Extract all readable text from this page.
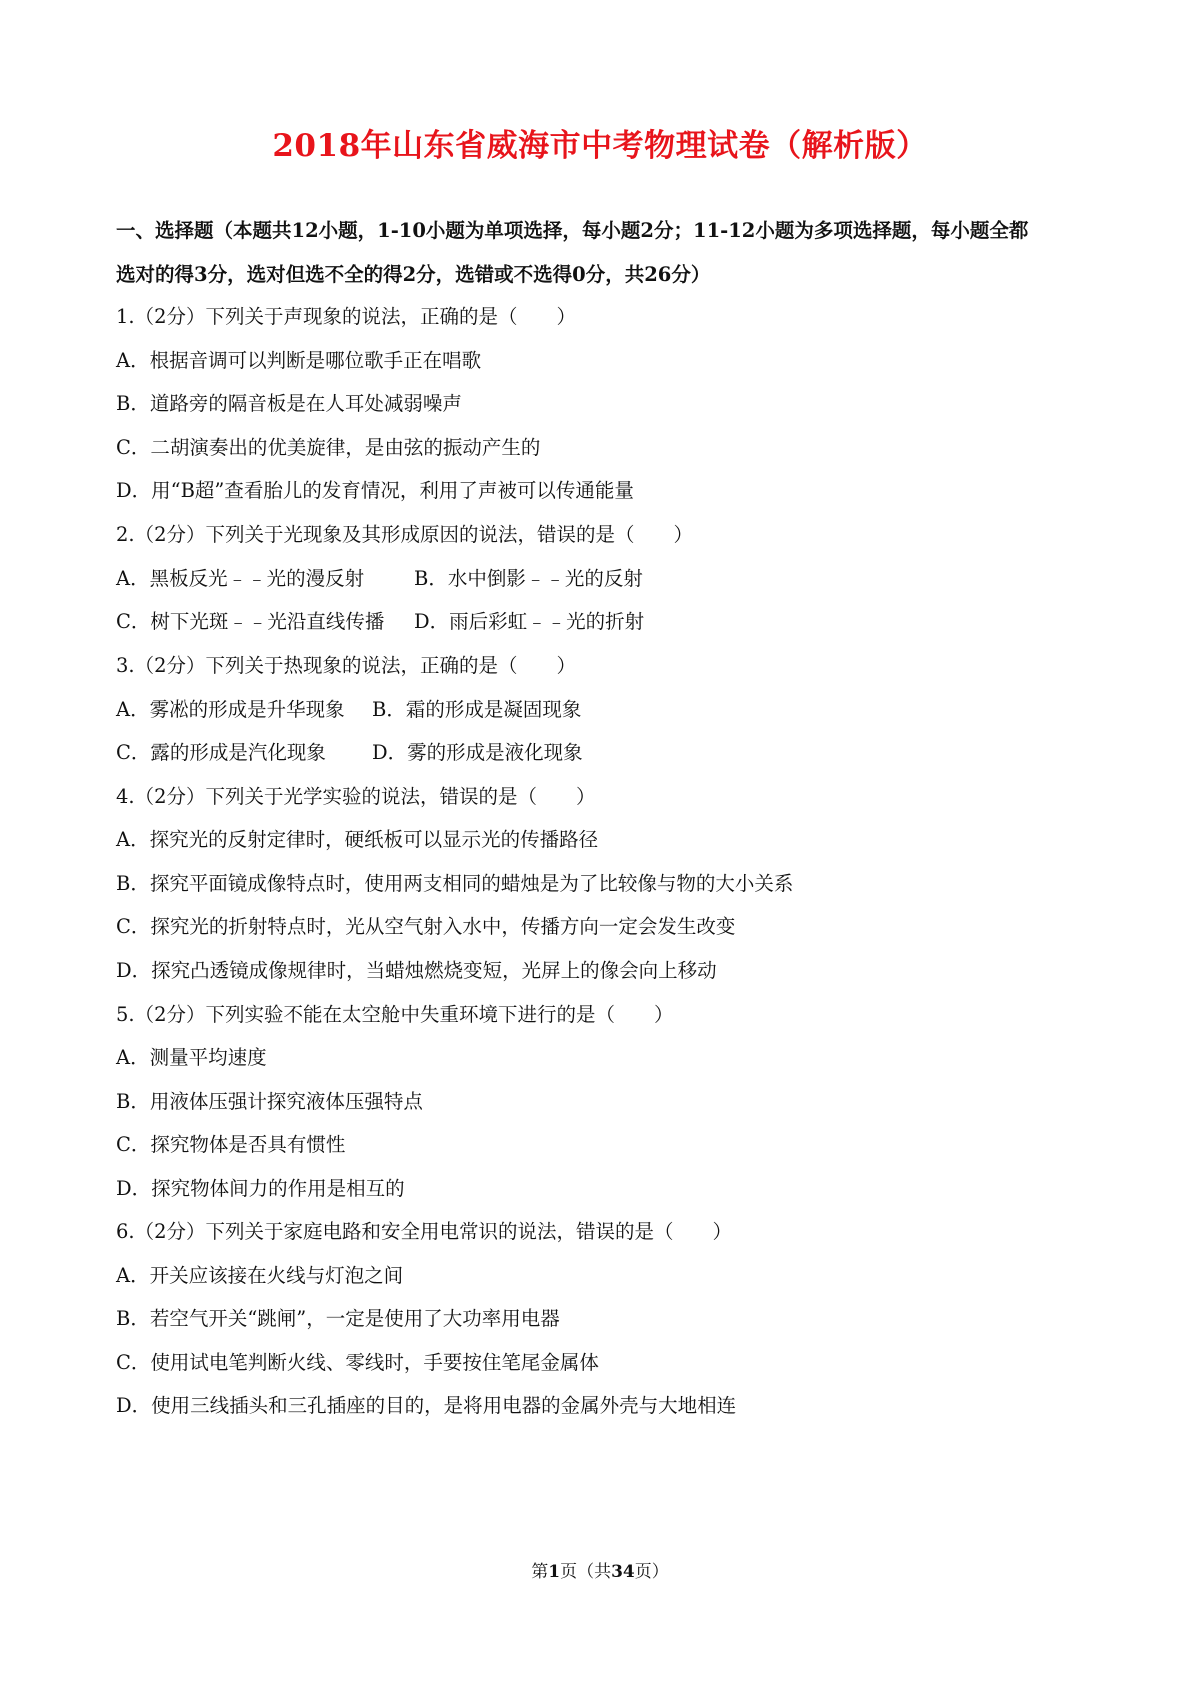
2018年山东省威海市中考物理试卷（解析版）
一、选择题（本题共12小题，1-10小题为单项选择，每小题2分；11-12小题为多项选择题，每小题全都
选对的得3分，选对但选不全的得2分，选错或不选得0分，共26分）
1.（2分）下列关于声现象的说法，正确的是（　　）
A．根据音调可以判断是哪位歌手正在唱歌
B．道路旁的隔音板是在人耳处减弱噪声
C．二胡演奏出的优美旋律，是由弦的振动产生的
D．用“B超”查看胎儿的发育情况，利用了声被可以传通能量
2.（2分）下列关于光现象及其形成原因的说法，错误的是（　　）
A．黑板反光﹣﹣光的漫反射	B．水中倒影﹣﹣光的反射
C．树下光斑﹣﹣光沿直线传播 D．雨后彩虹﹣﹣光的折射
3.（2分）下列关于热现象的说法，正确的是（　　）
A．雾凇的形成是升华现象 B．霜的形成是凝固现象
C．露的形成是汽化现象 D．雾的形成是液化现象
4.（2分）下列关于光学实验的说法，错误的是（　　）
A．探究光的反射定律时，硬纸板可以显示光的传播路径
B．探究平面镜成像特点时，使用两支相同的蜡烛是为了比较像与物的大小关系
C．探究光的折射特点时，光从空气射入水中，传播方向一定会发生改变
D．探究凸透镜成像规律时，当蜡烛燃烧变短，光屏上的像会向上移动
5.（2分）下列实验不能在太空舱中失重环境下进行的是（　　）
A．测量平均速度
B．用液体压强计探究液体压强特点
C．探究物体是否具有惯性
D．探究物体间力的作用是相互的
6.（2分）下列关于家庭电路和安全用电常识的说法，错误的是（　　）
A．开关应该接在火线与灯泡之间
B．若空气开关“跳闸”，一定是使用了大功率用电器
C．使用试电笔判断火线、零线时，手要按住笔尾金属体
D．使用三线插头和三孔插座的目的，是将用电器的金属外壳与大地相连
第1页（共34页）
